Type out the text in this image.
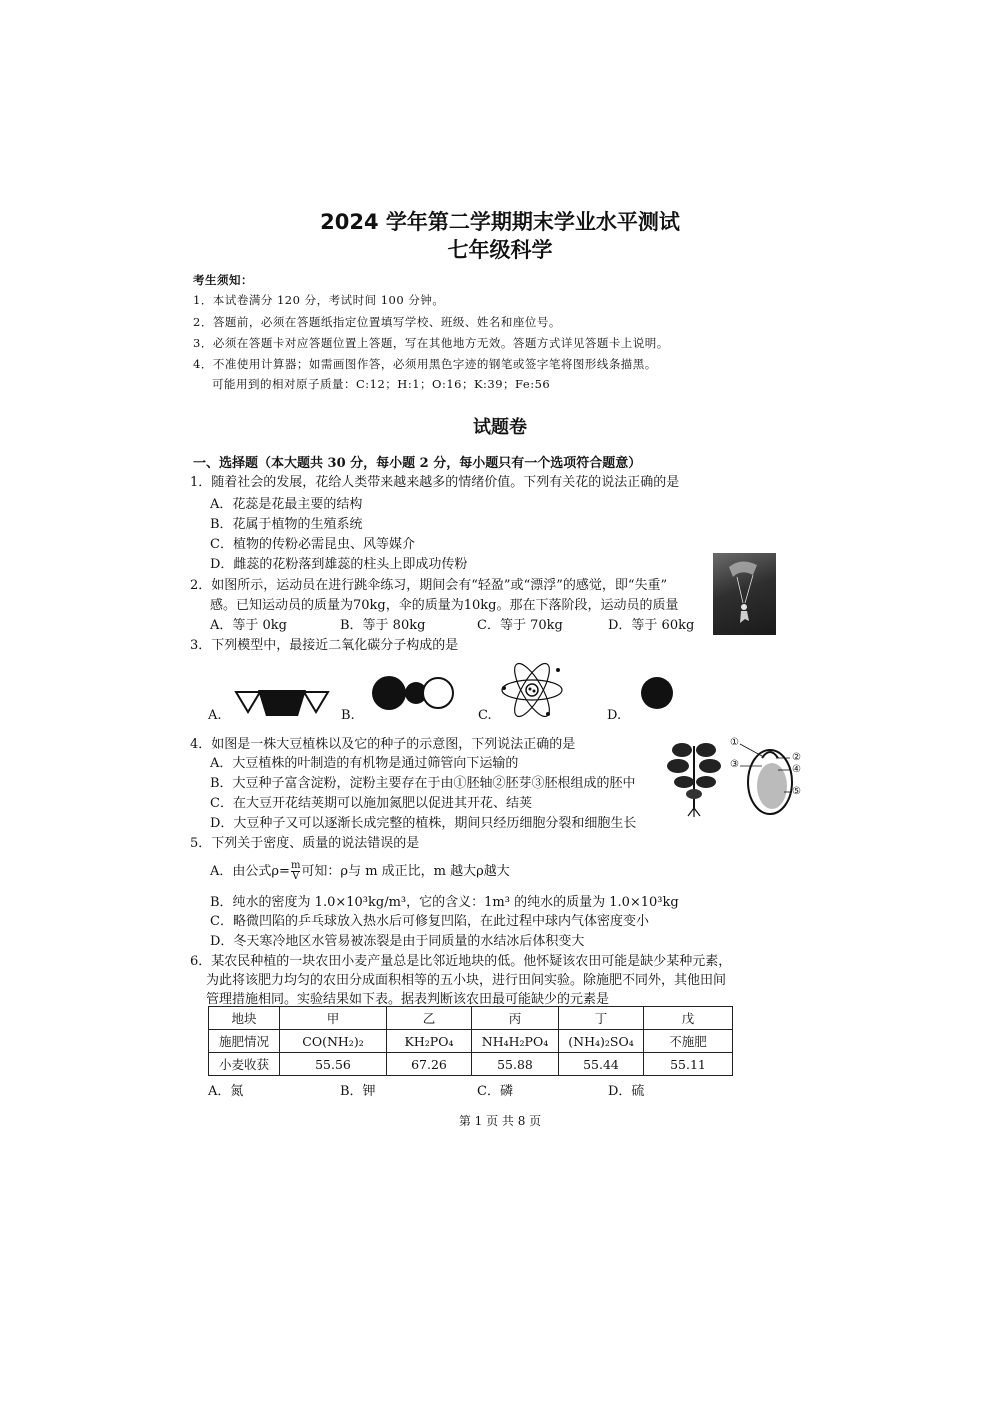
2024 学年第二学期期末学业水平测试
七年级科学
考生须知：
1．本试卷满分 120 分，考试时间 100 分钟。
2．答题前，必须在答题纸指定位置填写学校、班级、姓名和座位号。
3．必须在答题卡对应答题位置上答题，写在其他地方无效。答题方式详见答题卡上说明。
4．不准使用计算器；如需画图作答，必须用黑色字迹的钢笔或签字笔将图形线条描黑。
可能用到的相对原子质量：C:12；H:1；O:16；K:39；Fe:56
试题卷
一、选择题（本大题共 30 分，每小题 2 分，每小题只有一个选项符合题意）
1．随着社会的发展，花给人类带来越来越多的情绪价值。下列有关花的说法正确的是
A．花蕊是花最主要的结构
B．花属于植物的生殖系统
C．植物的传粉必需昆虫、风等媒介
D．雌蕊的花粉落到雄蕊的柱头上即成功传粉
2．如图所示，运动员在进行跳伞练习，期间会有“轻盈”或“漂浮”的感觉，即“失重”
感。已知运动员的质量为70kg，伞的质量为10kg。那在下落阶段，运动员的质量
A．等于 0kg	B．等于 80kg	C．等于 70kg	D．等于 60kg
3．下列模型中，最接近二氧化碳分子构成的是
A.	B.	C.	D.
4．如图是一株大豆植株以及它的种子的示意图，下列说法正确的是
A．大豆植株的叶制造的有机物是通过筛管向下运输的
B．大豆种子富含淀粉，淀粉主要存在于由①胚轴②胚芽③胚根组成的胚中
C．在大豆开花结荚期可以施加氮肥以促进其开花、结荚
D．大豆种子又可以逐渐长成完整的植株，期间只经历细胞分裂和细胞生长
①
②
③	④
⑤
5．下列关于密度、质量的说法错误的是
A．由公式$\rho= \frac{m}{V}$ 可知：ρ与 m 成正比，m 越大ρ越大
B．纯水的密度为 1.0×10³kg/m³，它的含义：1m³ 的纯水的质量为 1.0×10³kg
C．略微凹陷的乒乓球放入热水后可修复凹陷，在此过程中球内气体密度变小
D．冬天寒冷地区水管易被冻裂是由于同质量的水结冰后体积变大
6．某农民种植的一块农田小麦产量总是比邻近地块的低。他怀疑该农田可能是缺少某种元素，
为此将该肥力均匀的农田分成面积相等的五小块，进行田间实验。除施肥不同外，其他田间
管理措施相同。实验结果如下表。据表判断该农田最可能缺少的元素是
地块	甲	乙	丙	丁	戊
施肥情况	CO(NH₂)₂	KH₂PO₄	NH₄H₂PO₄	(NH₄)₂SO₄	不施肥
小麦收获	55.56	67.26	55.88	55.44	55.11
A．氮	B．钾	C．磷	D．硫
第 1 页 共 8 页
